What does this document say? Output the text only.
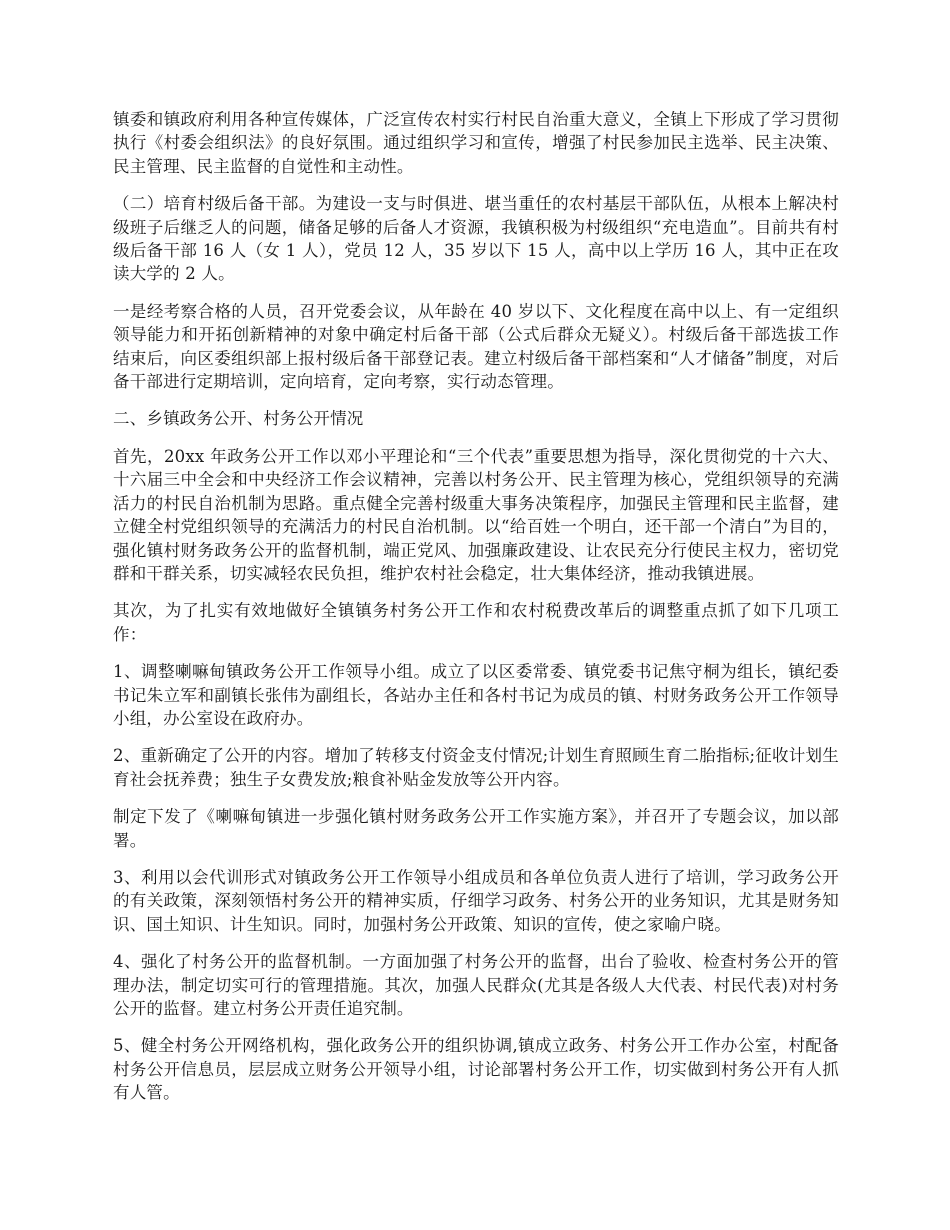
镇委和镇政府利用各种宣传媒体，广泛宣传农村实行村民自治重大意义，全镇上下形成了学习贯彻执行《村委会组织法》的良好氛围。通过组织学习和宣传，增强了村民参加民主选举、民主决策、民主管理、民主监督的自觉性和主动性。

（二）培育村级后备干部。为建设一支与时俱进、堪当重任的农村基层干部队伍，从根本上解决村级班子后继乏人的问题，储备足够的后备人才资源，我镇积极为村级组织“充电造血”。目前共有村级后备干部 16 人（女 1 人），党员 12 人，35 岁以下 15 人，高中以上学历 16 人，其中正在攻读大学的 2 人。

一是经考察合格的人员，召开党委会议，从年龄在 40 岁以下、文化程度在高中以上、有一定组织领导能力和开拓创新精神的对象中确定村后备干部（公式后群众无疑义）。村级后备干部选拔工作结束后，向区委组织部上报村级后备干部登记表。建立村级后备干部档案和“人才储备”制度，对后备干部进行定期培训，定向培育，定向考察，实行动态管理。

二、乡镇政务公开、村务公开情况

首先，20xx 年政务公开工作以邓小平理论和“三个代表”重要思想为指导，深化贯彻党的十六大、十六届三中全会和中央经济工作会议精神，完善以村务公开、民主管理为核心，党组织领导的充满活力的村民自治机制为思路。重点健全完善村级重大事务决策程序，加强民主管理和民主监督，建立健全村党组织领导的充满活力的村民自治机制。以“给百姓一个明白，还干部一个清白”为目的，强化镇村财务政务公开的监督机制，端正党风、加强廉政建设、让农民充分行使民主权力，密切党群和干群关系，切实减轻农民负担，维护农村社会稳定，壮大集体经济，推动我镇进展。

其次，为了扎实有效地做好全镇镇务村务公开工作和农村税费改革后的调整重点抓了如下几项工作：

1、调整喇嘛甸镇政务公开工作领导小组。成立了以区委常委、镇党委书记焦守桐为组长，镇纪委书记朱立军和副镇长张伟为副组长，各站办主任和各村书记为成员的镇、村财务政务公开工作领导小组，办公室设在政府办。

2、重新确定了公开的内容。增加了转移支付资金支付情况;计划生育照顾生育二胎指标;征收计划生育社会抚养费；独生子女费发放;粮食补贴金发放等公开内容。

制定下发了《喇嘛甸镇进一步强化镇村财务政务公开工作实施方案》，并召开了专题会议，加以部署。

3、利用以会代训形式对镇政务公开工作领导小组成员和各单位负责人进行了培训，学习政务公开的有关政策，深刻领悟村务公开的精神实质，仔细学习政务、村务公开的业务知识，尤其是财务知识、国土知识、计生知识。同时，加强村务公开政策、知识的宣传，使之家喻户晓。

4、强化了村务公开的监督机制。一方面加强了村务公开的监督，出台了验收、检查村务公开的管理办法，制定切实可行的管理措施。其次，加强人民群众(尤其是各级人大代表、村民代表)对村务公开的监督。建立村务公开责任追究制。

5、健全村务公开网络机构，强化政务公开的组织协调,镇成立政务、村务公开工作办公室，村配备村务公开信息员，层层成立财务公开领导小组，讨论部署村务公开工作，切实做到村务公开有人抓有人管。
